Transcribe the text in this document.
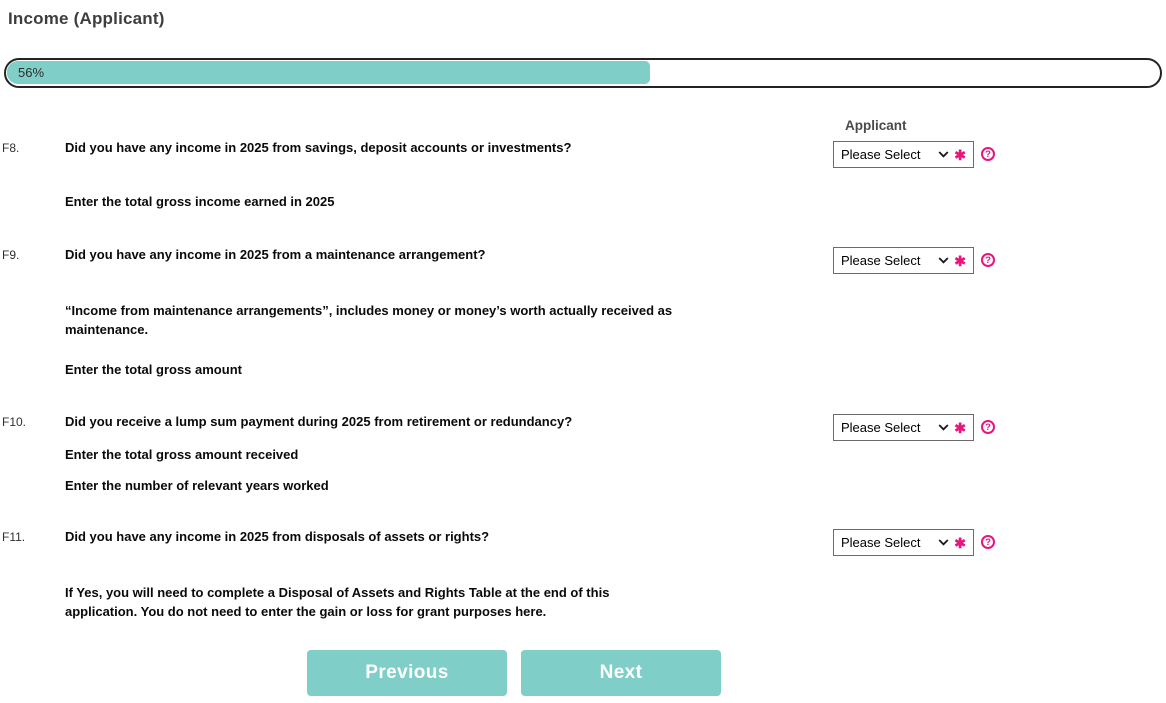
Income (Applicant)
56%
Applicant
F8.	Did you have any income in 2025 from savings, deposit accounts or investments?
Please Select	✱	?
Enter the total gross income earned in 2025
F9.	Did you have any income in 2025 from a maintenance arrangement?
Please Select	✱	?
“Income from maintenance arrangements”, includes money or money’s worth actually received as
maintenance.
Enter the total gross amount
F10.	Did you receive a lump sum payment during 2025 from retirement or redundancy?
Please Select	✱	?
Enter the total gross amount received
Enter the number of relevant years worked
F11.	Did you have any income in 2025 from disposals of assets or rights?
Please Select	✱	?
If Yes, you will need to complete a Disposal of Assets and Rights Table at the end of this
application. You do not need to enter the gain or loss for grant purposes here.
Previous	Next
